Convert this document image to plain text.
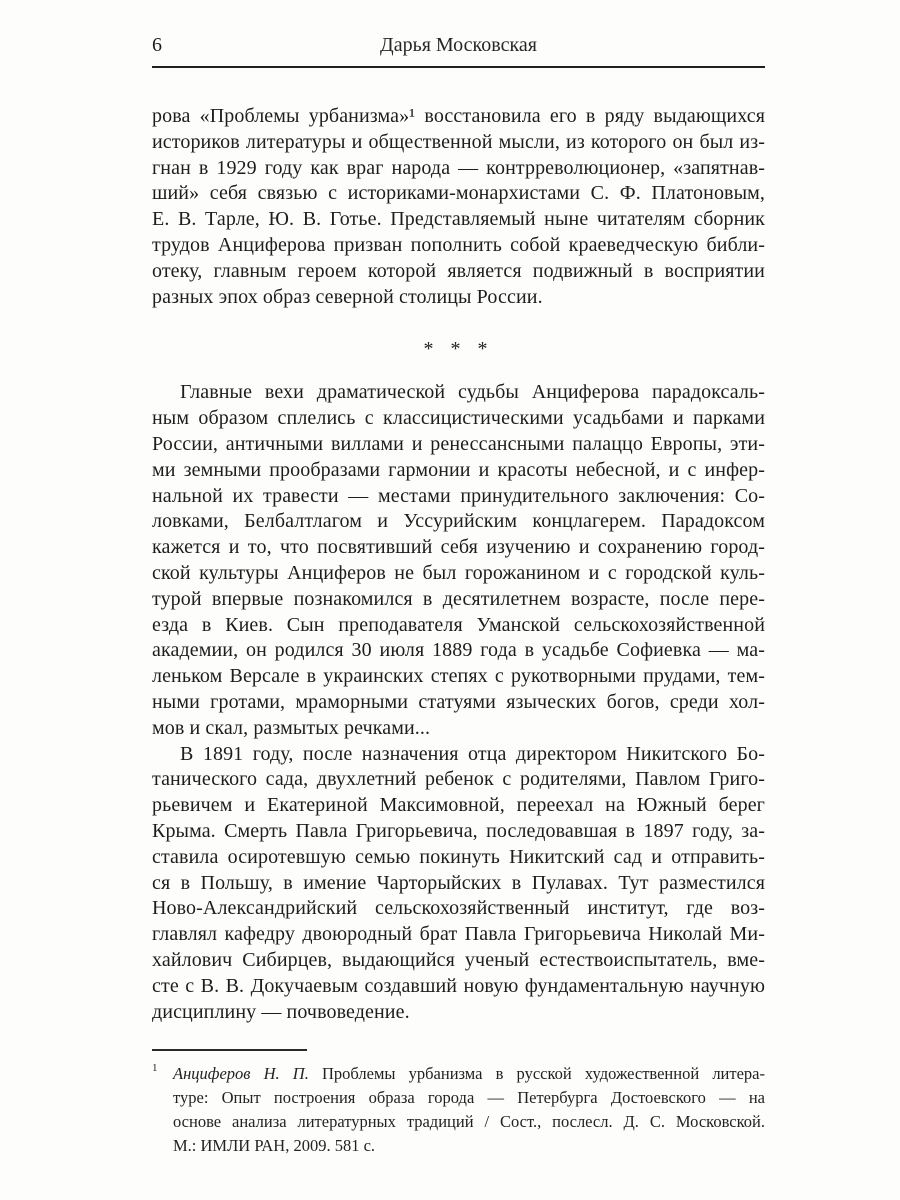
6	Дарья Московская
рова «Проблемы урбанизма»¹ восстановила его в ряду выдающихся
историков литературы и общественной мысли, из которого он был из-
гнан в 1929 году как враг народа — контрреволюционер, «запятнав-
ший» себя связью с историками-монархистами С. Ф. Платоновым,
Е. В. Тарле, Ю. В. Готье. Представляемый ныне читателям сборник
трудов Анциферова призван пополнить собой краеведческую библи-
отеку, главным героем которой является подвижный в восприятии
разных эпох образ северной столицы России.
* * *
Главные вехи драматической судьбы Анциферова парадоксаль-
ным образом сплелись с классицистическими усадьбами и парками
России, античными виллами и ренессансными палаццо Европы, эти-
ми земными прообразами гармонии и красоты небесной, и с инфер-
нальной их травести — местами принудительного заключения: Со-
ловками, Белбалтлагом и Уссурийским концлагерем. Парадоксом
кажется и то, что посвятивший себя изучению и сохранению город-
ской культуры Анциферов не был горожанином и с городской куль-
турой впервые познакомился в десятилетнем возрасте, после пере-
езда в Киев. Сын преподавателя Уманской сельскохозяйственной
академии, он родился 30 июля 1889 года в усадьбе Софиевка — ма-
леньком Версале в украинских степях с рукотворными прудами, тем-
ными гротами, мраморными статуями языческих богов, среди хол-
мов и скал, размытых речками...
В 1891 году, после назначения отца директором Никитского Бо-
танического сада, двухлетний ребенок с родителями, Павлом Григо-
рьевичем и Екатериной Максимовной, переехал на Южный берег
Крыма. Смерть Павла Григорьевича, последовавшая в 1897 году, за-
ставила осиротевшую семью покинуть Никитский сад и отправить-
ся в Польшу, в имение Чарторыйских в Пулавах. Тут разместился
Ново-Александрийский сельскохозяйственный институт, где воз-
главлял кафедру двоюродный брат Павла Григорьевича Николай Ми-
хайлович Сибирцев, выдающийся ученый естествоиспытатель, вме-
сте с В. В. Докучаевым создавший новую фундаментальную научную
дисциплину — почвоведение.
1 Анциферов Н. П. Проблемы урбанизма в русской художественной литера-
туре: Опыт построения образа города — Петербурга Достоевского — на
основе анализа литературных традиций / Сост., послесл. Д. С. Московской.
М.: ИМЛИ РАН, 2009. 581 с.
